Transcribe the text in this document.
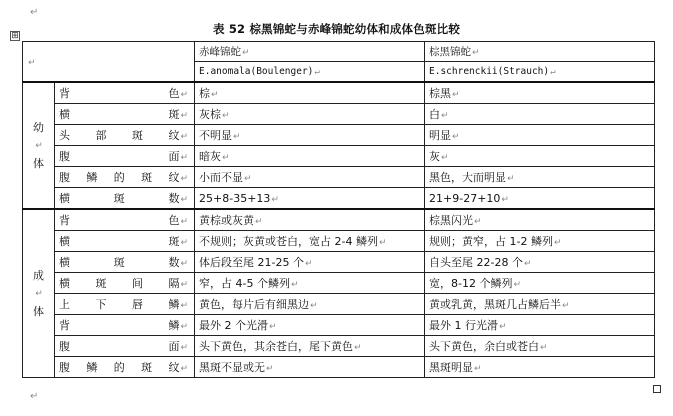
↵
表 52 棕黑锦蛇与赤峰锦蛇幼体和成体色斑比较
⊞
↵		赤峰锦蛇↵	棕黑锦蛇↵
		E.anomala(Boulenger)↵	E.schrenckii(Strauch)↵

幼
↵
体	背 色↵	棕↵	棕黑↵

	横 斑↵	灰棕↵	白↵

	头 部 斑 纹↵	不明显↵	明显↵

	腹 面↵	暗灰↵	灰↵

	腹 鳞 的 斑 纹↵	小而不显↵	黑色，大而明显↵

	横 斑 数↵	25+8-35+13↵	21+9-27+10↵

成
↵
体	背 色↵	黄棕或灰黄↵	棕黑闪光↵

	横 斑↵	不规则；灰黄或苍白，宽占 2-4 鳞列↵	规则；黄窄，占 1-2 鳞列↵

	横 斑 数↵	体后段至尾 21-25 个↵	自头至尾 22-28 个↵

	横 斑 间 隔↵	窄，占 4-5 个鳞列↵	宽，8-12 个鳞列↵

	上 下 唇 鳞↵	黄色，每片后有细黑边↵	黄或乳黄，黑斑几占鳞后半↵

	背 鳞↵	最外 2 个光滑↵	最外 1 行光滑↵

	腹 面↵	头下黄色，其余苍白，尾下黄色↵	头下黄色，余白或苍白↵

	腹 鳞 的 斑 纹↵	黑斑不显或无↵	黑斑明显↵
↵
